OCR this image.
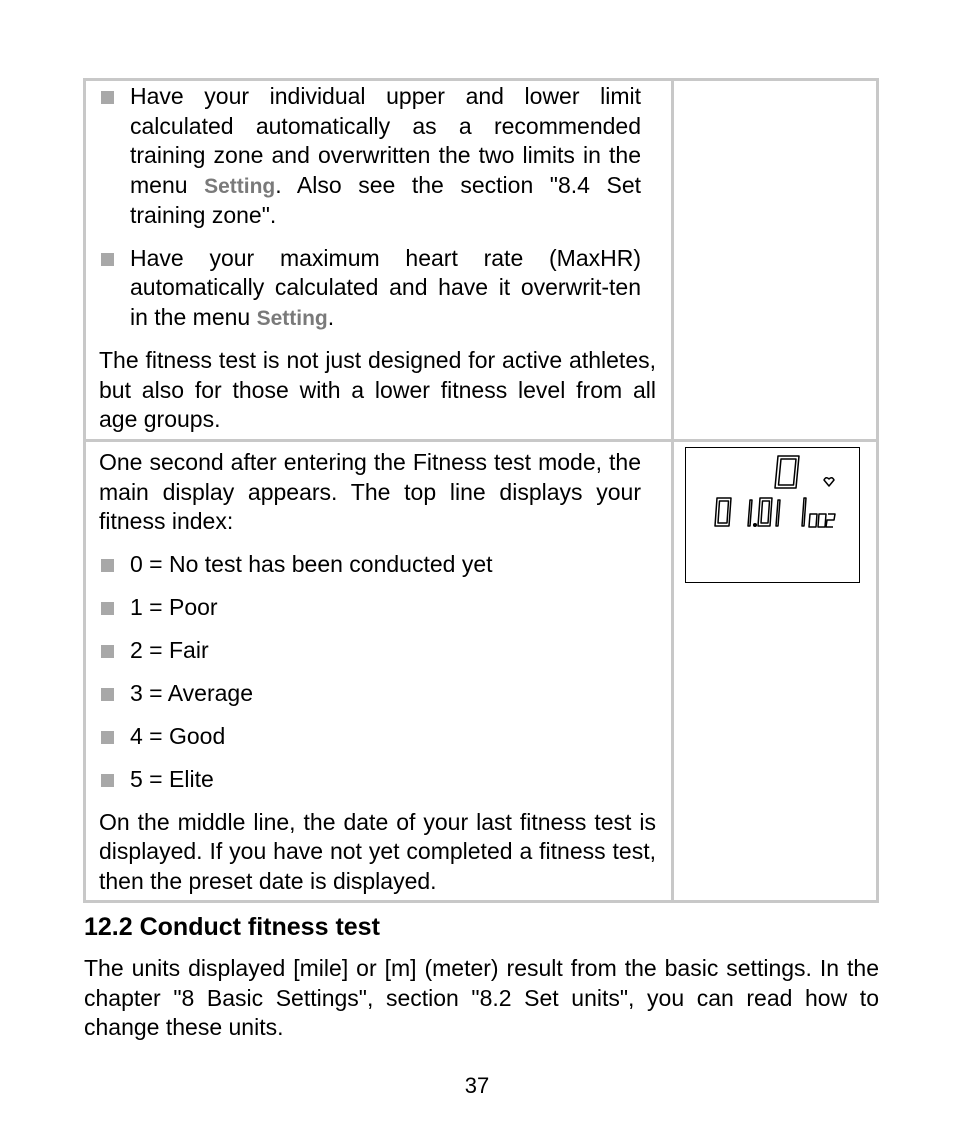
Have your individual upper and lower limit calculated automatically as a recommended training zone and overwritten the two limits in the menu Setting. Also see the section "8.4 Set training zone".
Have your maximum heart rate (MaxHR) automatically calculated and have it overwrit-ten in the menu Setting.
The fitness test is not just designed for active athletes, but also for those with a lower fitness level from all age groups.
One second after entering the Fitness test mode, the main display appears. The top line displays your fitness index:
0 = No test has been conducted yet
1 = Poor
2 = Fair
3 = Average
4 = Good
5 = Elite
On the middle line, the date of your last fitness test is displayed. If you have not yet completed a fitness test, then the preset date is displayed.
12.2 Conduct fitness test
The units displayed [mile] or [m] (meter) result from the basic settings. In the chapter "8 Basic Settings", section "8.2 Set units", you can read how to change these units.
37
